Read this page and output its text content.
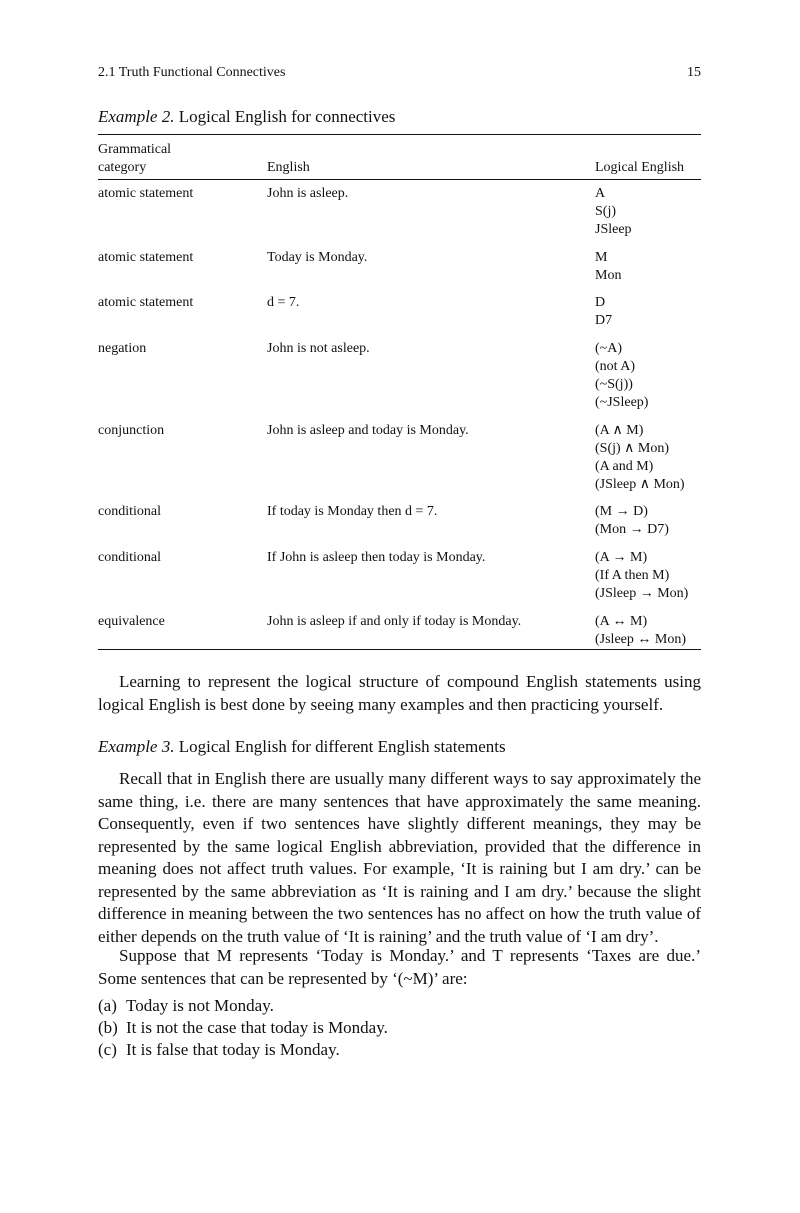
2.1 Truth Functional Connectives	15
Example 2. Logical English for connectives
Grammatical
category	English	Logical English
atomic statement	John is asleep.	A
S(j)
JSleep
atomic statement	Today is Monday.	M
Mon
atomic statement	d = 7.	D
D7
negation	John is not asleep.	(~A)
(not A)
(~S(j))
(~JSleep)
conjunction	John is asleep and today is Monday.	(A ∧ M)
(S(j) ∧ Mon)
(A and M)
(JSleep ∧ Mon)
conditional	If today is Monday then d = 7.	(M → D)
(Mon → D7)
conditional	If John is asleep then today is Monday.	(A → M)
(If A then M)
(JSleep → Mon)
equivalence	John is asleep if and only if today is Monday.	(A ↔ M)
(Jsleep ↔ Mon)
Learning to represent the logical structure of compound English statements using logical English is best done by seeing many examples and then practicing yourself.
Example 3. Logical English for different English statements
Recall that in English there are usually many different ways to say approximately the same thing, i.e. there are many sentences that have approximately the same meaning. Consequently, even if two sentences have slightly different meanings, they may be represented by the same logical English abbreviation, provided that the difference in meaning does not affect truth values. For example, ‘It is raining but I am dry.’ can be represented by the same abbreviation as ‘It is raining and I am dry.’ because the slight difference in meaning between the two sentences has no affect on how the truth value of either depends on the truth value of ‘It is raining’ and the truth value of ‘I am dry’.
Suppose that M represents ‘Today is Monday.’ and T represents ‘Taxes are due.’ Some sentences that can be represented by ‘(~M)’ are:
(a) Today is not Monday.
(b) It is not the case that today is Monday.
(c) It is false that today is Monday.
